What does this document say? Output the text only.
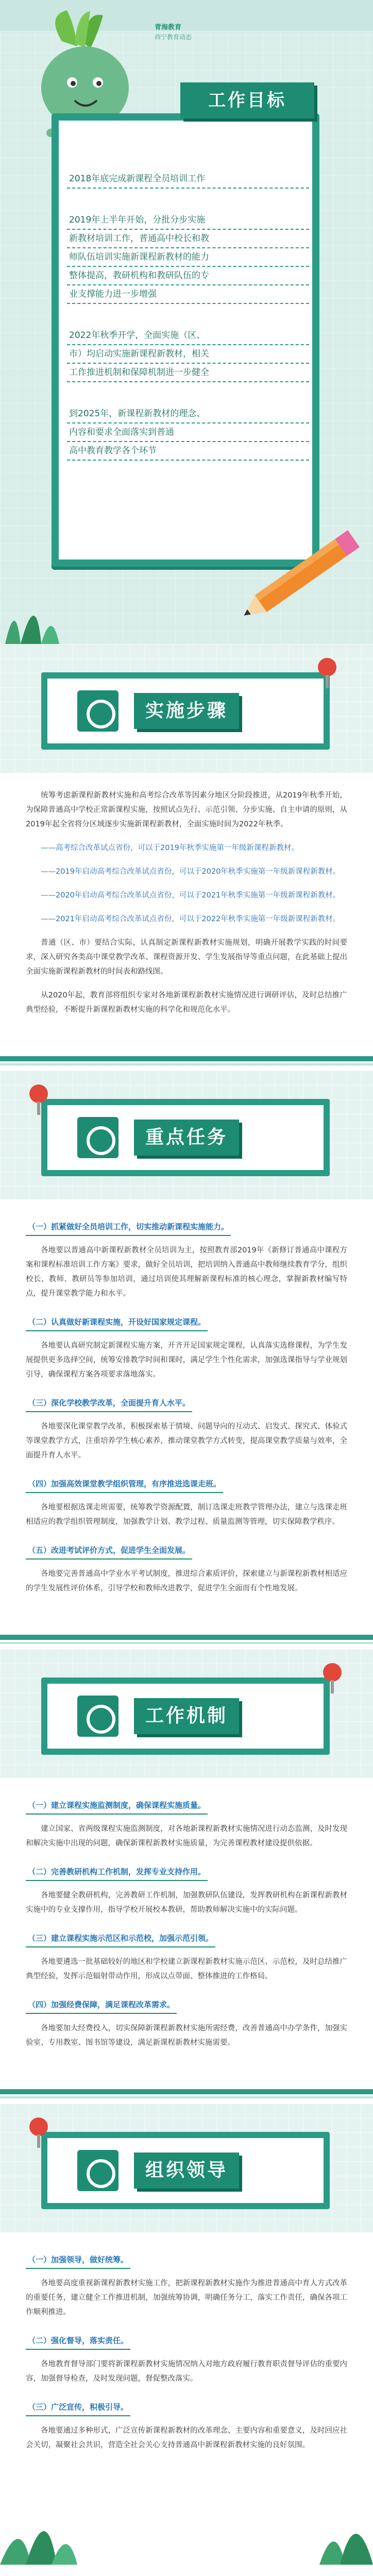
青海教育
西宁教育动态
工作目标
2018年底完成新课程全员培训工作
2019年上半年开始，分批分步实施
新教材培训工作，普通高中校长和教
师队伍培训实施新课程新教材的能力
整体提高，教研机构和教研队伍的专
业支撑能力进一步增强
2022年秋季开学，全面实施（区、
市）均启动实施新课程新教材，相关
工作推进机制和保障机制进一步健全
到2025年，新课程新教材的理念、
内容和要求全面落实到普通
高中教育教学各个环节
实施步骤

统筹考虑新课程新教材实施和高考综合改革等因素分地区分阶段推进，从2019年秋季开始，为保障普通高中学校正常新课程实施，按照试点先行、示范引领、分步实施、自主申请的原则，从2019年起全省将分区域逐步实施新课程新教材，全面实施时间为2022年秋季。

——高考综合改革试点省份，可以于2019年秋季实施第一年级新课程新教材。

——2019年启动高考综合改革试点省份，可以于2020年秋季实施第一年级新课程新教材。

——2020年启动高考综合改革试点省份，可以于2021年秋季实施第一年级新课程新教材。

——2021年启动高考综合改革试点省份，可以于2022年秋季实施第一年级新课程新教材。

普通（区、市）要结合实际，认真制定新课程新教材实施规划，明确开展教学实践的时间要求，深入研究各类高中课堂教学改革、课程资源开发、学生发展指导等重点问题，在此基础上提出全面实施新课程新教材的时间表和路线图。

从2020年起，教育部将组织专家对各地新课程新教材实施情况进行调研评估，及时总结推广典型经验，不断提升新课程新教材实施的科学化和规范化水平。

重点任务
（一）抓紧做好全员培训工作，切实推动新课程实施能力。

各地要以普通高中新课程新教材全员培训为主，按照教育部2019年《新修订普通高中课程方案和课程标准培训工作方案》要求，做好全员培训，把培训纳入普通高中教师继续教育学分，组织校长、教师、教研员等参加培训，通过培训使其理解新课程标准的核心理念，掌握新教材编写特点，提升课堂教学能力和水平。

（二）认真做好新课程实施，开设好国家规定课程。

各地要认真研究制定新课程实施方案，开齐开足国家规定课程，认真落实选修课程，为学生发展提供更多选择空间，统筹安排教学时间和课时，满足学生个性化需求，加强选课指导与学业规划引导，确保课程方案各项要求落地落实。

（三）深化学校教学改革，全面提升育人水平。

各地要深化课堂教学改革，积极探索基于情境、问题导向的互动式、启发式、探究式、体验式等课堂教学方式，注重培养学生核心素养，推动课堂教学方式转变，提高课堂教学质量与效率，全面提升育人水平。

（四）加强高效课堂教学组织管理，有序推进选课走班。

各地要根据选课走班需要，统筹教学资源配置，制订选课走班教学管理办法，建立与选课走班相适应的教学组织管理制度，加强教学计划、教学过程、质量监测等管理，切实保障教学秩序。

（五）改进考试评价方式，促进学生全面发展。

各地要完善普通高中学业水平考试制度，推进综合素质评价，探索建立与新课程新教材相适应的学生发展性评价体系，引导学校和教师改进教学，促进学生全面而有个性地发展。

工作机制
（一）建立课程实施监测制度，确保课程实施质量。

建立国家、省两级课程实施监测制度，对各地新课程新教材实施情况进行动态监测，及时发现和解决实施中出现的问题，确保新课程新教材实施质量，为完善课程教材建设提供依据。

（二）完善教研机构工作机制，发挥专业支持作用。

各地要健全教研机构，完善教研工作机制，加强教研队伍建设，发挥教研机构在新课程新教材实施中的专业支撑作用，指导学校开展校本教研，帮助教师解决实施中的实际问题。

（三）建立课程实施示范区和示范校，加强示范引领。

各地要遴选一批基础较好的地区和学校建立新课程新教材实施示范区、示范校，及时总结推广典型经验，发挥示范辐射带动作用，形成以点带面、整体推进的工作格局。

（四）加强经费保障，满足课程改革需求。

各地要加大经费投入，切实保障新课程新教材实施所需经费，改善普通高中办学条件，加强实验室、专用教室、图书馆等建设，满足新课程新教材实施需要。

组织领导
（一）加强领导，做好统筹。

各地要高度重视新课程新教材实施工作，把新课程新教材实施作为推进普通高中育人方式改革的重要任务，建立健全工作推进机制，加强统筹协调，明确任务分工，落实工作责任，确保各项工作顺利推进。

（二）强化督导，落实责任。

各地教育督导部门要将新课程新教材实施情况纳入对地方政府履行教育职责督导评估的重要内容，加强督导检查，及时发现问题，督促整改落实。

（三）广泛宣传，积极引导。

各地要通过多种形式，广泛宣传新课程新教材的改革理念、主要内容和重要意义，及时回应社会关切，凝聚社会共识，营造全社会关心支持普通高中新课程新教材实施的良好氛围。
